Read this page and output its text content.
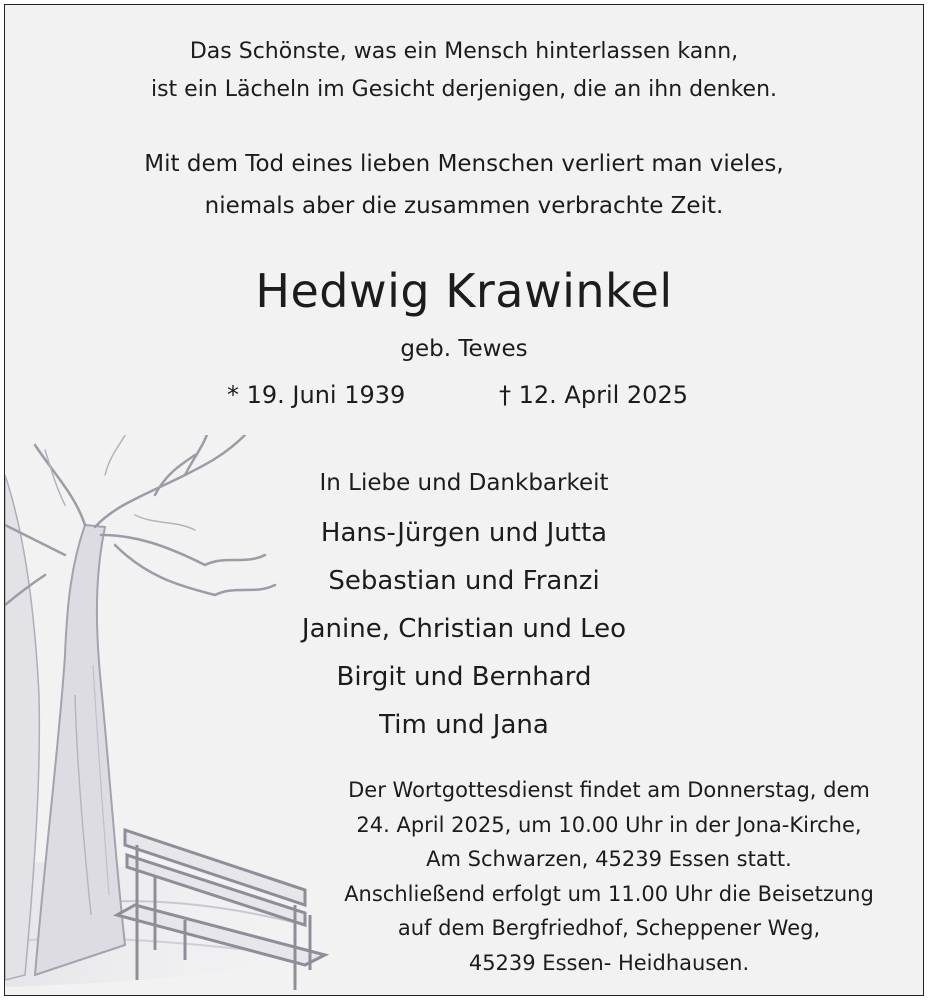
Das Schönste, was ein Mensch hinterlassen kann,
ist ein Lächeln im Gesicht derjenigen, die an ihn denken.
Mit dem Tod eines lieben Menschen verliert man vieles,
niemals aber die zusammen verbrachte Zeit.
Hedwig Krawinkel
geb. Tewes
* 19. Juni 1939	† 12. April 2025
In Liebe und Dankbarkeit
Hans-Jürgen und Jutta
Sebastian und Franzi
Janine, Christian und Leo
Birgit und Bernhard
Tim und Jana
Der Wortgottesdienst findet am Donnerstag, dem
24. April 2025, um 10.00 Uhr in der Jona-Kirche,
Am Schwarzen, 45239 Essen statt.
Anschließend erfolgt um 11.00 Uhr die Beisetzung
auf dem Bergfriedhof, Scheppener Weg,
45239 Essen- Heidhausen.
